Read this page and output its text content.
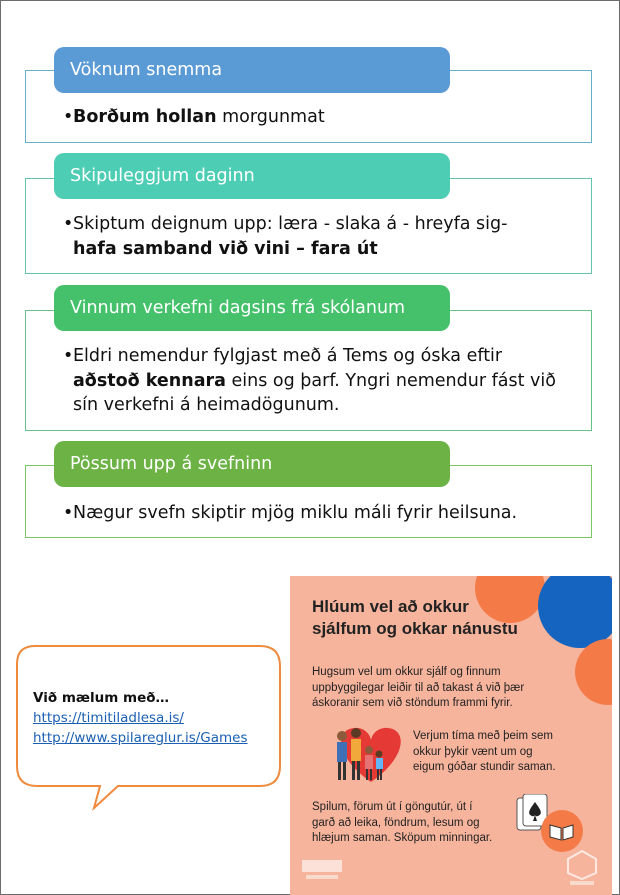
Vöknum snemma
• Borðum hollan morgunmat
Skipuleggjum daginn
• Skiptum deignum upp: læra - slaka á - hreyfa sig-
hafa samband við vini – fara út
Vinnum verkefni dagsins frá skólanum
• Eldri nemendur fylgjast með á Tems og óska eftir
aðstoð kennara eins og þarf. Yngri nemendur fást við
sín verkefni á heimadögunum.
Pössum upp á svefninn
• Nægur svefn skiptir mjög miklu máli fyrir heilsuna.
Við mælum með…
https://timitiladlesa.is/
http://www.spilareglur.is/Games
Hlúum vel að okkur
sjálfum og okkar nánustu
Hugsum vel um okkur sjálf og finnum
uppbyggilegar leiðir til að takast á við þær
áskoranir sem við stöndum frammi fyrir.
Verjum tíma með þeim sem
okkur þykir vænt um og
eigum góðar stundir saman.
Spilum, förum út í göngutúr, út í
garð að leika, föndrum, lesum og
hlæjum saman. Sköpum minningar.
